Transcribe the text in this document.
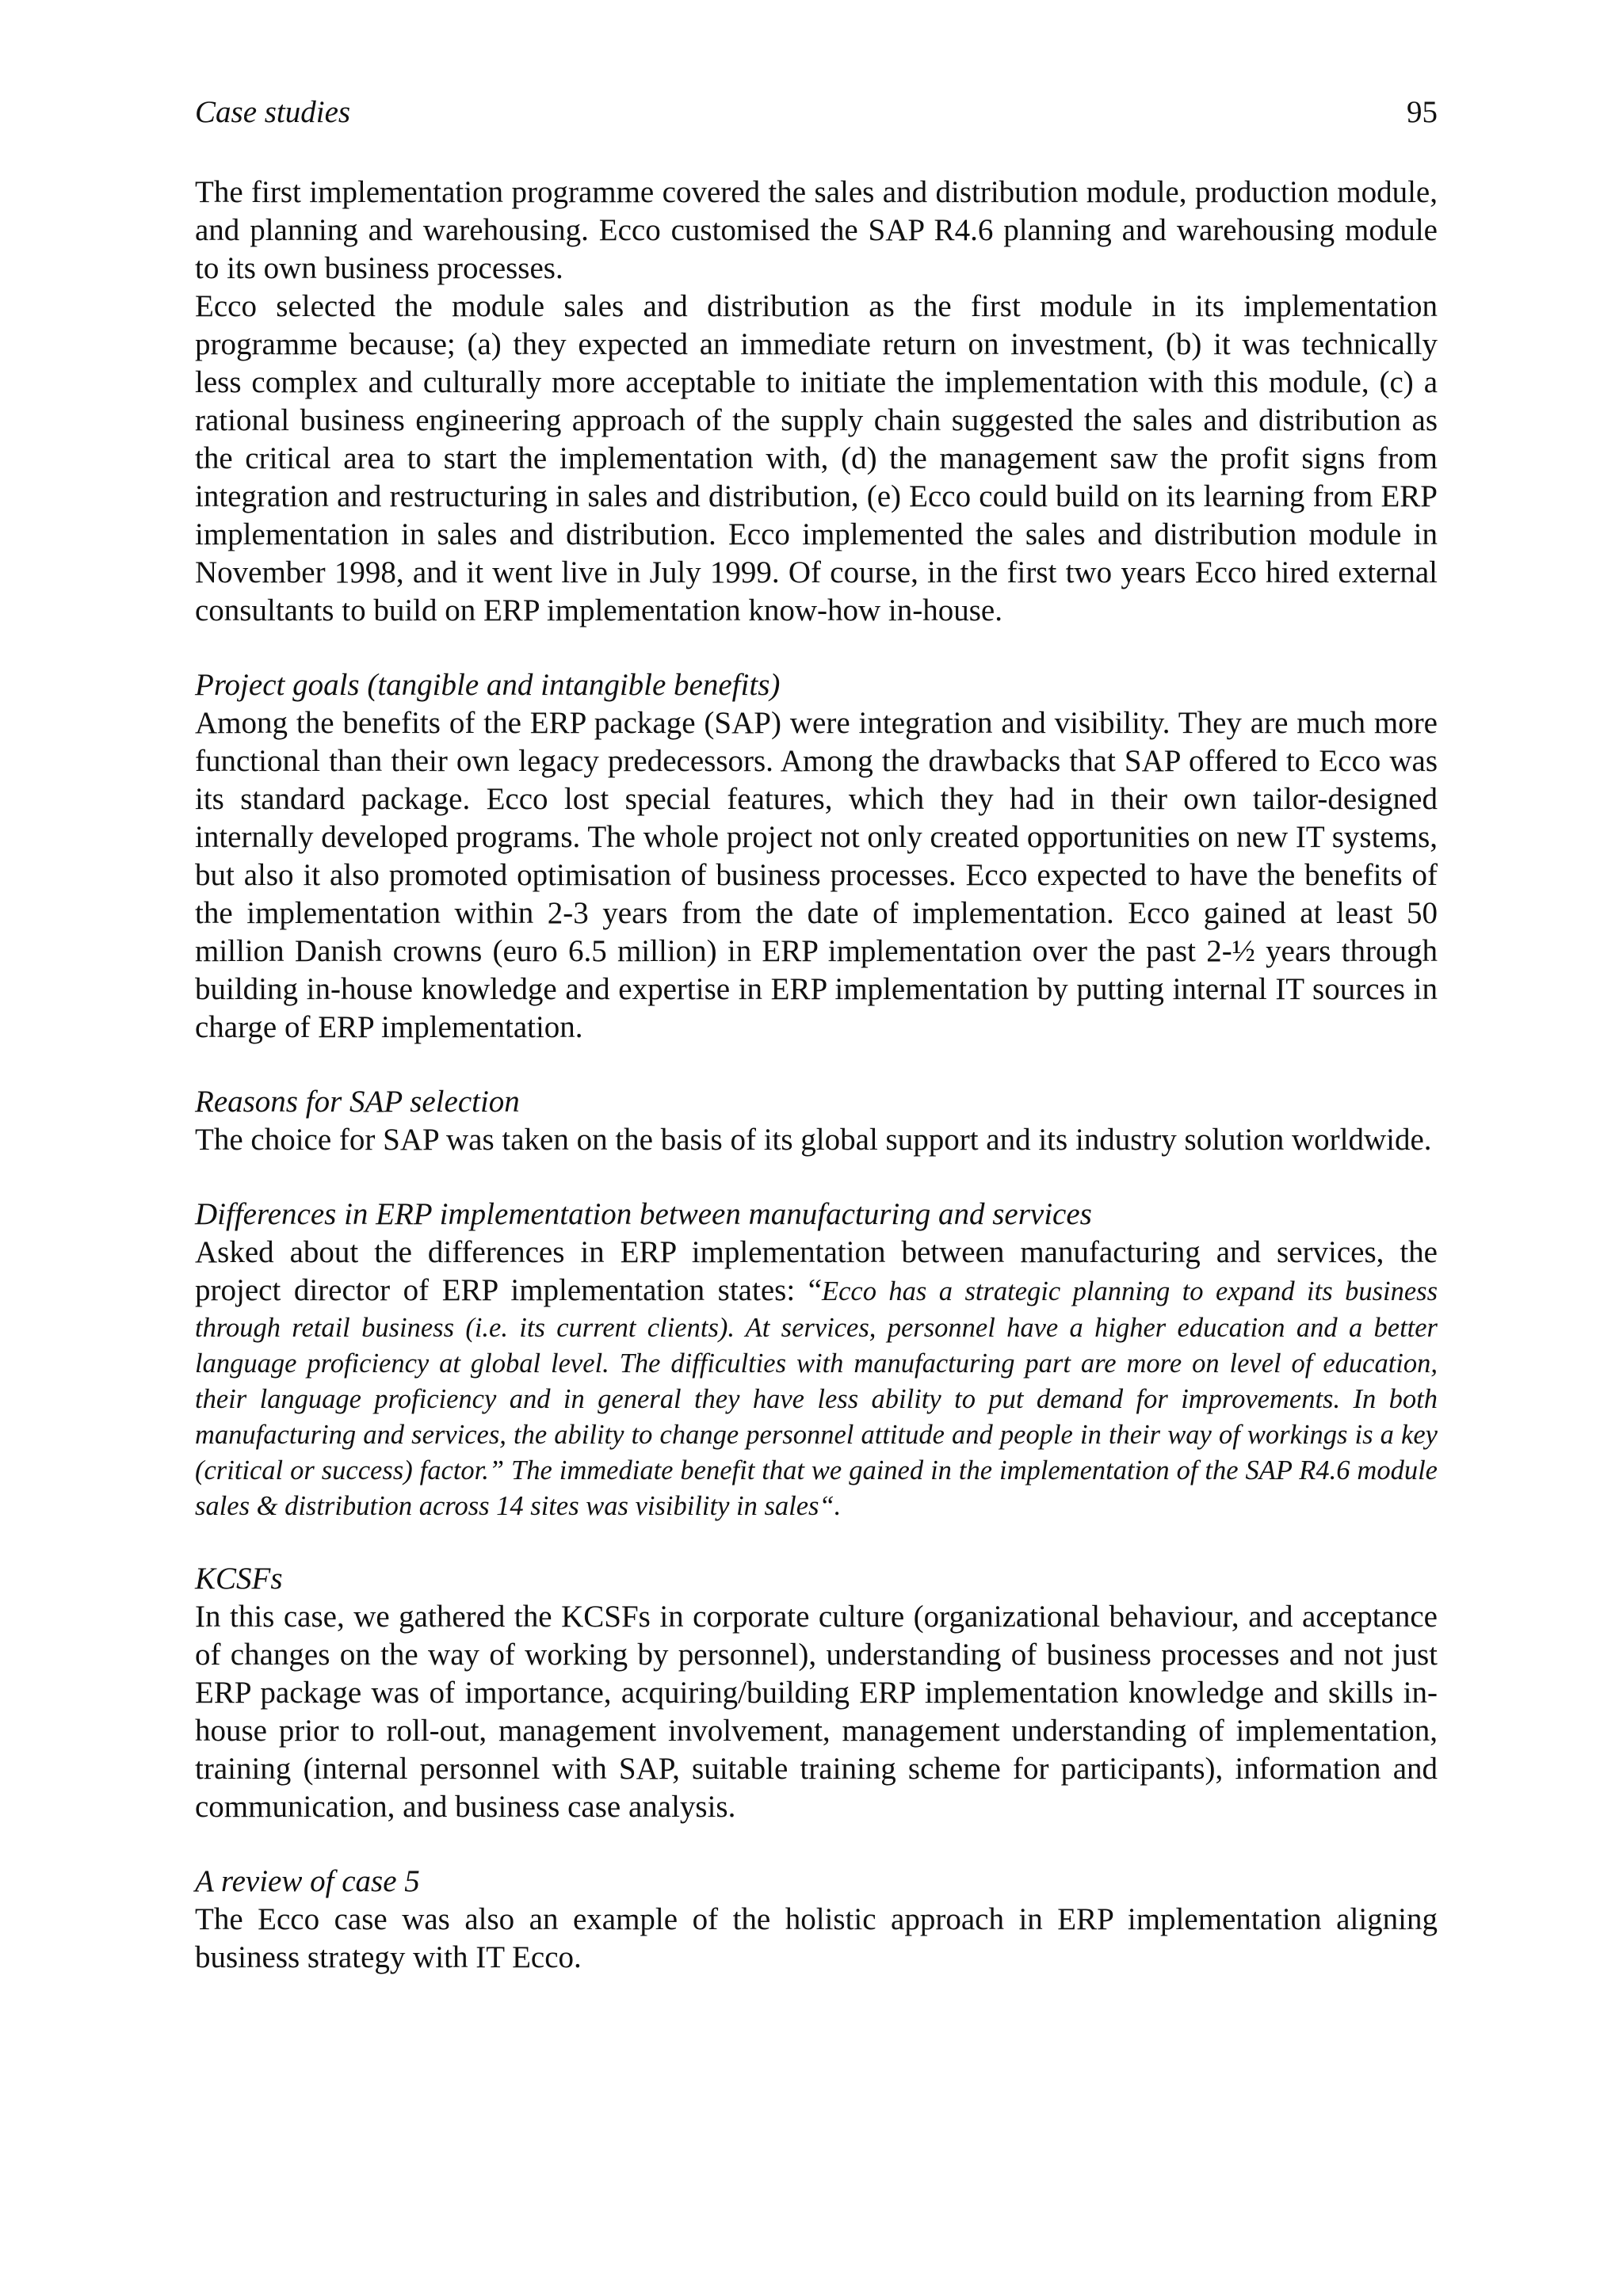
Case studies	95

The first implementation programme covered the sales and distribution module, production module, and planning and warehousing. Ecco customised the SAP R4.6 planning and warehousing module to its own business processes.

Ecco selected the module sales and distribution as the first module in its implementation programme because; (a) they expected an immediate return on investment, (b) it was technically less complex and culturally more acceptable to initiate the implementation with this module, (c) a rational business engineering approach of the supply chain suggested the sales and distribution as the critical area to start the implementation with, (d) the management saw the profit signs from integration and restructuring in sales and distribution, (e) Ecco could build on its learning from ERP implementation in sales and distribution. Ecco implemented the sales and distribution module in November 1998, and it went live in July 1999. Of course, in the first two years Ecco hired external consultants to build on ERP implementation know-how in-house.

Project goals (tangible and intangible benefits)

Among the benefits of the ERP package (SAP) were integration and visibility. They are much more functional than their own legacy predecessors. Among the drawbacks that SAP offered to Ecco was its standard package. Ecco lost special features, which they had in their own tailor-designed internally developed programs. The whole project not only created opportunities on new IT systems, but also it also promoted optimisation of business processes. Ecco expected to have the benefits of the implementation within 2-3 years from the date of implementation. Ecco gained at least 50 million Danish crowns (euro 6.5 million) in ERP implementation over the past 2-½ years through building in-house knowledge and expertise in ERP implementation by putting internal IT sources in charge of ERP implementation.

Reasons for SAP selection

The choice for SAP was taken on the basis of its global support and its industry solution worldwide.

Differences in ERP implementation between manufacturing and services

Asked about the differences in ERP implementation between manufacturing and services, the project director of ERP implementation states: “Ecco has a strategic planning to expand its business through retail business (i.e. its current clients). At services, personnel have a higher education and a better language proficiency at global level. The difficulties with manufacturing part are more on level of education, their language proficiency and in general they have less ability to put demand for improvements. In both manufacturing and services, the ability to change personnel attitude and people in their way of workings is a key (critical or success) factor.” The immediate benefit that we gained in the implementation of the SAP R4.6 module sales & distribution across 14 sites was visibility in sales“.

KCSFs

In this case, we gathered the KCSFs in corporate culture (organizational behaviour, and acceptance of changes on the way of working by personnel), understanding of business processes and not just ERP package was of importance, acquiring/building ERP implementation knowledge and skills in-house prior to roll-out, management involvement, management understanding of implementation, training (internal personnel with SAP, suitable training scheme for participants), information and communication, and business case analysis.

A review of case 5

The Ecco case was also an example of the holistic approach in ERP implementation aligning business strategy with IT Ecco.
